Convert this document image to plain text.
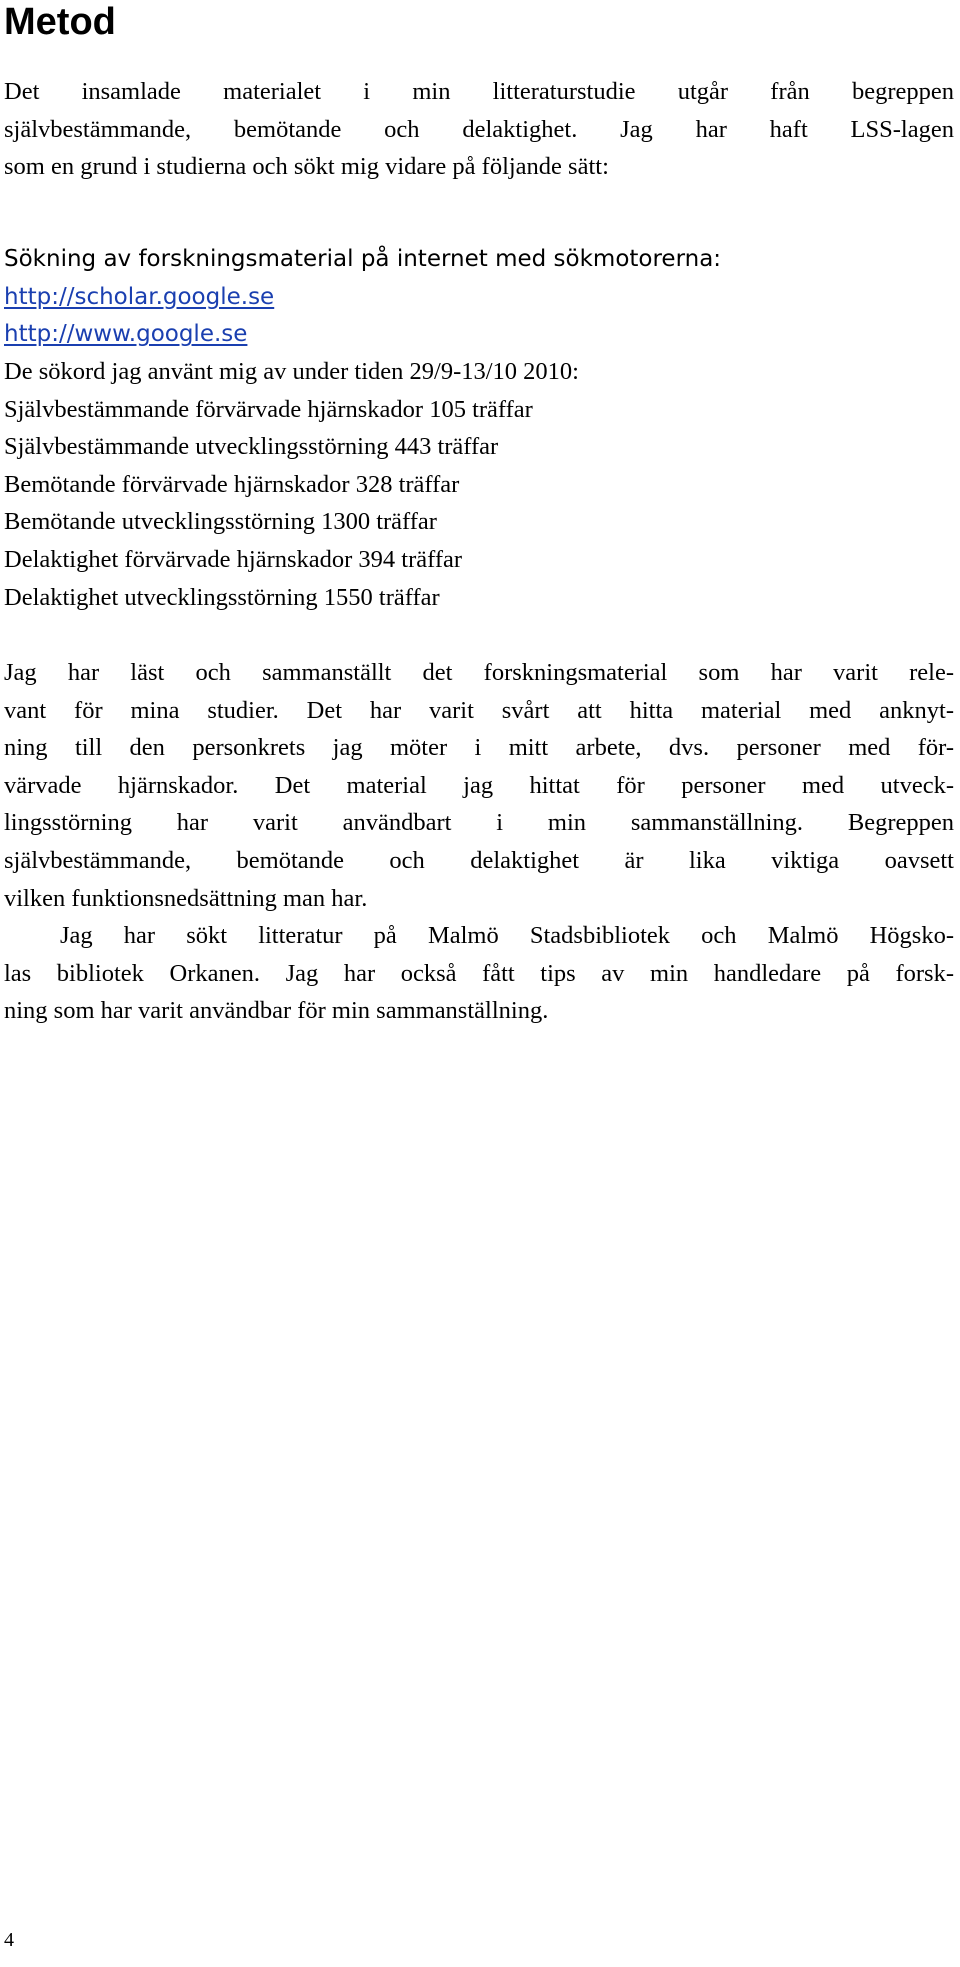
Metod
Det insamlade materialet i min litteraturstudie utgår från begreppen
självbestämmande, bemötande och delaktighet. Jag har haft LSS-lagen
som en grund i studierna och sökt mig vidare på följande sätt:
Sökning av forskningsmaterial på internet med sökmotorerna:
http://scholar.google.se
http://www.google.se
De sökord jag använt mig av under tiden 29/9-13/10 2010:
Självbestämmande förvärvade hjärnskador 105 träffar
Självbestämmande utvecklingsstörning 443 träffar
Bemötande förvärvade hjärnskador 328 träffar
Bemötande utvecklingsstörning 1300 träffar
Delaktighet förvärvade hjärnskador 394 träffar
Delaktighet utvecklingsstörning 1550 träffar
Jag har läst och sammanställt det forskningsmaterial som har varit rele-
vant för mina studier. Det har varit svårt att hitta material med anknyt-
ning till den personkrets jag möter i mitt arbete, dvs. personer med för-
värvade hjärnskador. Det material jag hittat för personer med utveck-
lingsstörning har varit användbart i min sammanställning. Begreppen
självbestämmande, bemötande och delaktighet är lika viktiga oavsett
vilken funktionsnedsättning man har.
Jag har sökt litteratur på Malmö Stadsbibliotek och Malmö Högsko-
las bibliotek Orkanen. Jag har också fått tips av min handledare på forsk-
ning som har varit användbar för min sammanställning.
4
